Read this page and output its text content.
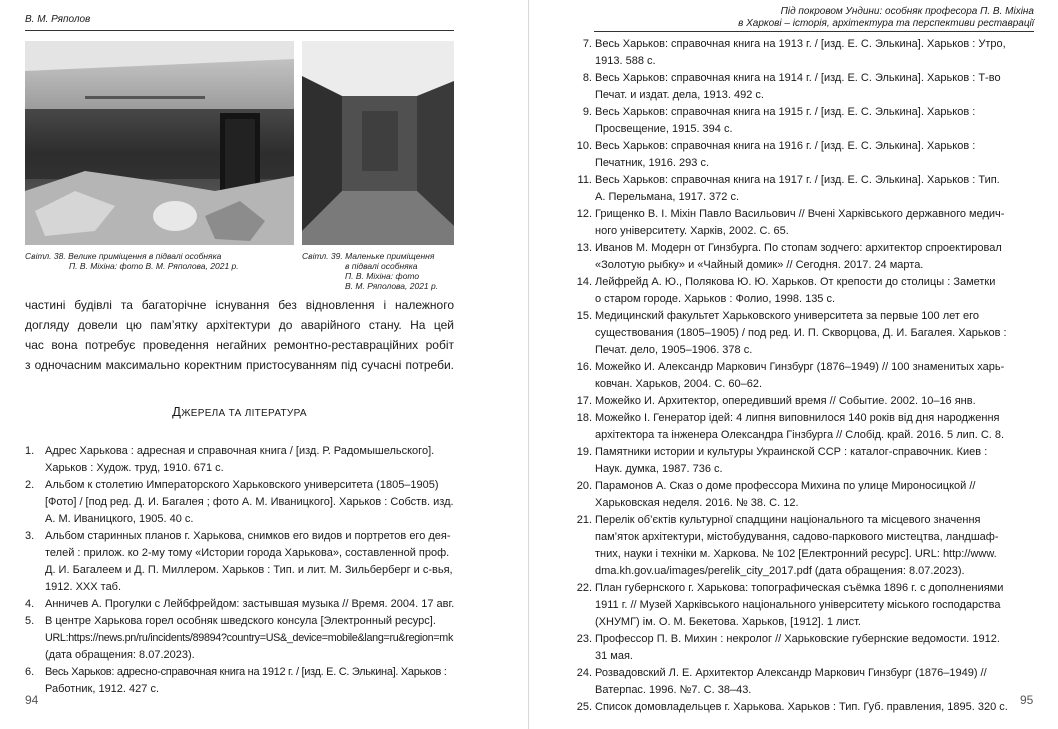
В. М. Ряполов
Світл. 38. Велике приміщення в підвалі особняка
П. В. Міхіна: фото В. М. Ряполова, 2021 р.
Світл. 39. Маленьке приміщення
в підвалі особняка
П. В. Міхіна: фото
В. М. Ряполова, 2021 р.
частині будівлі та багаторічне існування без відновлення і належного
догляду довели цю пам’ятку архітектури до аварійного стану. На цей
час вона потребує проведення негайних ремонтно-реставраційних робіт
з одночасним максимально коректним пристосуванням під сучасні потреби.
ДЖЕРЕЛА ТА ЛІТЕРАТУРА
1. Адрес Харькова : адресная и справочная книга / [изд. Р. Радомышельского].
Харьков : Худож. труд, 1910. 671 с.
2. Альбом к столетию Императорского Харьковского университета (1805–1905)
[Фото] / [под ред. Д. И. Багалея ; фото А. М. Иваницкого]. Харьков : Собств. изд.
А. М. Иваницкого, 1905. 40 с.
3. Альбом старинных планов г. Харькова, снимков его видов и портретов его дея-
телей : прилож. ко 2-му тому «Истории города Харькова», составленной проф.
Д. И. Багалеем и Д. П. Миллером. Харьков : Тип. и лит. М. Зильберберг и с-вья,
1912. ХХХ таб.
4. Анничев А. Прогулки с Лейбфрейдом: застывшая музыка // Время. 2004. 17 авг.
5. В центре Харькова горел особняк шведского консула [Электронный ресурс].
URL:https://news.pn/ru/incidents/89894?country=US&_device=mobile&lang=ru&region=mk
(дата обращения: 8.07.2023).
6. Весь Харьков: адресно-справочная книга на 1912 г. / [изд. Е. С. Элькина]. Харьков :
Работник, 1912. 427 с.
94
Під покровом Ундини: особняк професора П. В. Міхіна
в Харкові – історія, архітектура та перспективи реставрації
7. Весь Харьков: справочная книга на 1913 г. / [изд. Е. С. Элькина]. Харьков : Утро,
1913. 588 с.
8. Весь Харьков: справочная книга на 1914 г. / [изд. Е. С. Элькина]. Харьков : Т-во
Печат. и издат. дела, 1913. 492 с.
9. Весь Харьков: справочная книга на 1915 г. / [изд. Е. С. Элькина]. Харьков :
Просвещение, 1915. 394 с.
10. Весь Харьков: справочная книга на 1916 г. / [изд. Е. С. Элькина]. Харьков :
Печатник, 1916. 293 с.
11. Весь Харьков: справочная книга на 1917 г. / [изд. Е. С. Элькина]. Харьков : Тип.
А. Перельмана, 1917. 372 с.
12. Грищенко В. І. Міхін Павло Васильович // Вчені Харківського державного медич-
ного університету. Харків, 2002. С. 65.
13. Иванов М. Модерн от Гинзбурга. По стопам зодчего: архитектор спроектировал
«Золотую рыбку» и «Чайный домик» // Сегодня. 2017. 24 марта.
14. Лейфрейд А. Ю., Полякова Ю. Ю. Харьков. От крепости до столицы : Заметки
о старом городе. Харьков : Фолио, 1998. 135 с.
15. Медицинский факультет Харьковского университета за первые 100 лет его
существования (1805–1905) / под ред. И. П. Скворцова, Д. И. Багалея. Харьков :
Печат. дело, 1905–1906. 378 с.
16. Можейко И. Александр Маркович Гинзбург (1876–1949) // 100 знаменитых харь-
ковчан. Харьков, 2004. С. 60–62.
17. Можейко И. Архитектор, опередивший время // Событие. 2002. 10–16 янв.
18. Можейко І. Генератор ідей: 4 липня виповнилося 140 років від дня народження
архітектора та інженера Олександра Гінзбурга // Слобід. край. 2016. 5 лип. С. 8.
19. Памятники истории и культуры Украинской ССР : каталог-справочник. Киев :
Наук. думка, 1987. 736 с.
20. Парамонов А. Сказ о доме профессора Михина по улице Мироносицкой //
Харьковская неделя. 2016. № 38. С. 12.
21. Перелік об’єктів культурної спадщини національного та місцевого значення
пам’яток архітектури, містобудування, садово-паркового мистецтва, ландшаф-
тних, науки і техніки м. Харкова. № 102 [Електронний ресурс]. URL: http://www.
dma.kh.gov.ua/images/perelik_city_2017.pdf (дата обращения: 8.07.2023).
22. План губернского г. Харькова: топографическая съёмка 1896 г. с дополнениями
1911 г. // Музей Харківського національного університету міського господарства
(ХНУМГ) ім. О. М. Бекетова. Харьков, [1912]. 1 лист.
23. Профессор П. В. Михин : некролог // Харьковские губернские ведомости. 1912.
31 мая.
24. Розвадовский Л. Е. Архитектор Александр Маркович Гинзбург (1876–1949) //
Ватерпас. 1996. №7. С. 38–43.
25. Список домовладельцев г. Харькова. Харьков : Тип. Губ. правления, 1895. 320 с.	95
